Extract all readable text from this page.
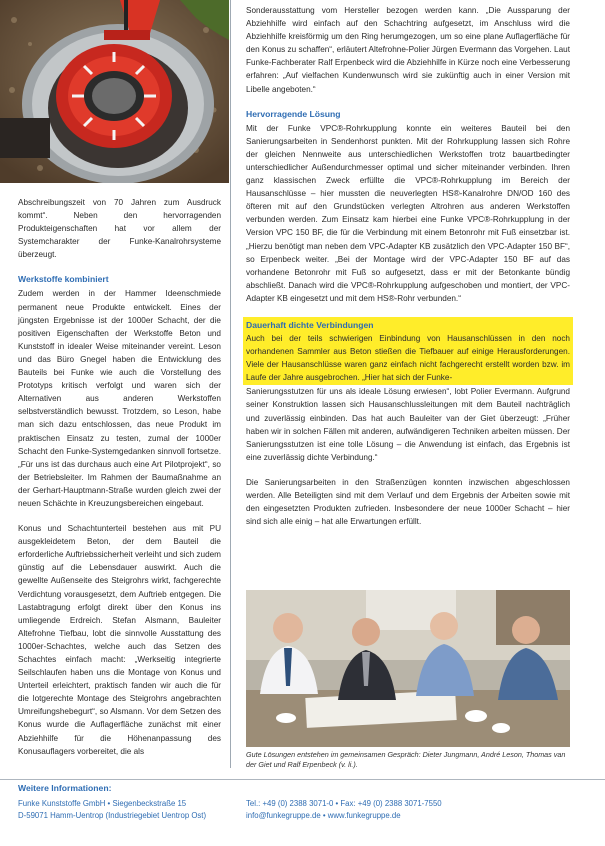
Abschreibungszeit von 70 Jahren zum Ausdruck kommt“. Neben den hervorragenden Produkteigenschaften hat vor allem der Systemcharakter der Funke-Kanalrohrsysteme überzeugt.

Werkstoffe kombiniert

Zudem werden in der Hammer Ideenschmiede permanent neue Produkte entwickelt. Eines der jüngsten Ergebnisse ist der 1000er Schacht, der die positiven Eigenschaften der Werkstoffe Beton und Kunststoff in idealer Weise miteinander vereint. Leson und das Büro Gnegel haben die Entwicklung des Bauteils bei Funke wie auch die Vorstellung des Prototyps kritisch verfolgt und waren sich der Alternativen aus anderen Werkstoffen selbstverständlich bewusst. Trotzdem, so Leson, habe man sich dazu entschlossen, das neue Produkt im praktischen Einsatz zu testen, zumal der 1000er Schacht den Funke-Systemgedanken sinnvoll fortsetze. „Für uns ist das durchaus auch eine Art Pilotprojekt“, so der Betriebsleiter. Im Rahmen der Baumaßnahme an der Gerhart-Hauptmann-Straße wurden gleich zwei der neuen Schächte in Kreuzungsbereichen eingebaut.

Konus und Schachtunterteil bestehen aus mit PU ausgekleidetem Beton, der dem Bauteil die erforderliche Auftriebssicherheit verleiht und sich zudem günstig auf die Lebensdauer auswirkt. Auch die gewellte Außenseite des Steigrohrs wirkt, fachgerechte Verdichtung vorausgesetzt, dem Auftrieb entgegen. Die Lastabtragung erfolgt direkt über den Konus ins umliegende Erdreich. Stefan Alsmann, Bauleiter Altefrohne Tiefbau, lobt die sinnvolle Ausstattung des 1000er-Schachtes, welche auch das Setzen des Schachtes einfach macht: „Werkseitig integrierte Seilschlaufen haben uns die Montage von Konus und Unterteil erleichtert, praktisch fanden wir auch die für die lotgerechte Montage des Steigrohrs angebrachten Umreifungshebegurt“, so Alsmann. Vor dem Setzen des Konus wurde die Auflagerfläche zunächst mit einer Abziehhilfe für die Höhenanpassung des Konusauflagers vorbereitet, die als

Sonderausstattung vom Hersteller bezogen werden kann. „Die Aussparung der Abziehhilfe wird einfach auf den Schachtring aufgesetzt, im Anschluss wird die Abziehhilfe kreisförmig um den Ring herumgezogen, um so eine plane Auflagerfläche für den Konus zu schaffen“, erläutert Altefrohne-Polier Jürgen Evermann das Vorgehen. Laut Funke-Fachberater Ralf Erpenbeck wird die Abziehhilfe in Kürze noch eine Verbesserung erfahren: „Auf vielfachen Kundenwunsch wird sie zukünftig auch in einer Version mit Libelle angeboten.“

Hervorragende Lösung

Mit der Funke VPC®-Rohrkupplung konnte ein weiteres Bauteil bei den Sanierungsarbeiten in Sendenhorst punkten. Mit der Rohrkupplung lassen sich Rohre der gleichen Nennweite aus unterschiedlichen Werkstoffen trotz bauartbedingter unterschiedlicher Außendurchmesser optimal und sicher miteinander verbinden. Ihren ganz klassischen Zweck erfüllte die VPC®-Rohrkupplung im Bereich der Hausanschlüsse – hier mussten die neuverlegten HS®-Kanalrohre DN/OD 160 des öfteren mit auf den Grundstücken verlegten Altrohren aus anderen Werkstoffen verbunden werden. Zum Einsatz kam hierbei eine Funke VPC®-Rohrkupplung in der Version VPC 150 BF, die für die Verbindung mit einem Betonrohr mit Fuß einsetzbar ist. „Hierzu benötigt man neben dem VPC-Adapter KB zusätzlich den VPC-Adapter 150 BF“, so Erpenbeck weiter. „Bei der Montage wird der VPC-Adapter 150 BF auf das vorhandene Betonrohr mit Fuß so aufgesetzt, dass er mit der Betonkante bündig abschließt. Danach wird die VPC®-Rohrkupplung aufgeschoben und montiert, der VPC-Adapter KB eingesetzt und mit dem HS®-Rohr verbunden.“

Dauerhaft dichte Verbindungen
Auch bei der teils schwierigen Einbindung von Hausanschlüssen in den noch vorhandenen Sammler aus Beton stießen die Tiefbauer auf einige Herausforderungen. Viele der Hausanschlüsse waren ganz einfach nicht fachgerecht erstellt worden bzw. im Laufe der Jahre ausgebrochen. „Hier hat sich der Funke-

Sanierungsstutzen für uns als ideale Lösung erwiesen“, lobt Polier Evermann. Aufgrund seiner Konstruktion lassen sich Hausanschlussleitungen mit dem Bauteil nachträglich und zuverlässig einbinden. Das hat auch Bauleiter van der Giet überzeugt: „Früher haben wir in solchen Fällen mit anderen, aufwändigeren Techniken arbeiten müssen. Der Sanierungsstutzen ist eine tolle Lösung – die Anwendung ist einfach, das Ergebnis ist eine zuverlässig dichte Verbindung.“

Die Sanierungsarbeiten in den Straßenzügen konnten inzwischen abgeschlossen werden. Alle Beteiligten sind mit dem Verlauf und dem Ergebnis der Arbeiten sowie mit den eingesetzten Produkten zufrieden. Insbesondere der neue 1000er Schacht – hier sind sich alle einig – hat alle Erwartungen erfüllt.

Gute Lösungen entstehen im gemeinsamen Gespräch: Dieter Jungmann, André Leson, Thomas van der Giet und Ralf Erpenbeck (v. li.).
Weitere Informationen:
Funke Kunststoffe GmbH • Siegenbeckstraße 15
D-59071 Hamm-Uentrop (Industriegebiet Uentrop Ost)
Tel.: +49 (0) 2388 3071-0 • Fax: +49 (0) 2388 3071-7550
info@funkegruppe.de • www.funkegruppe.de
